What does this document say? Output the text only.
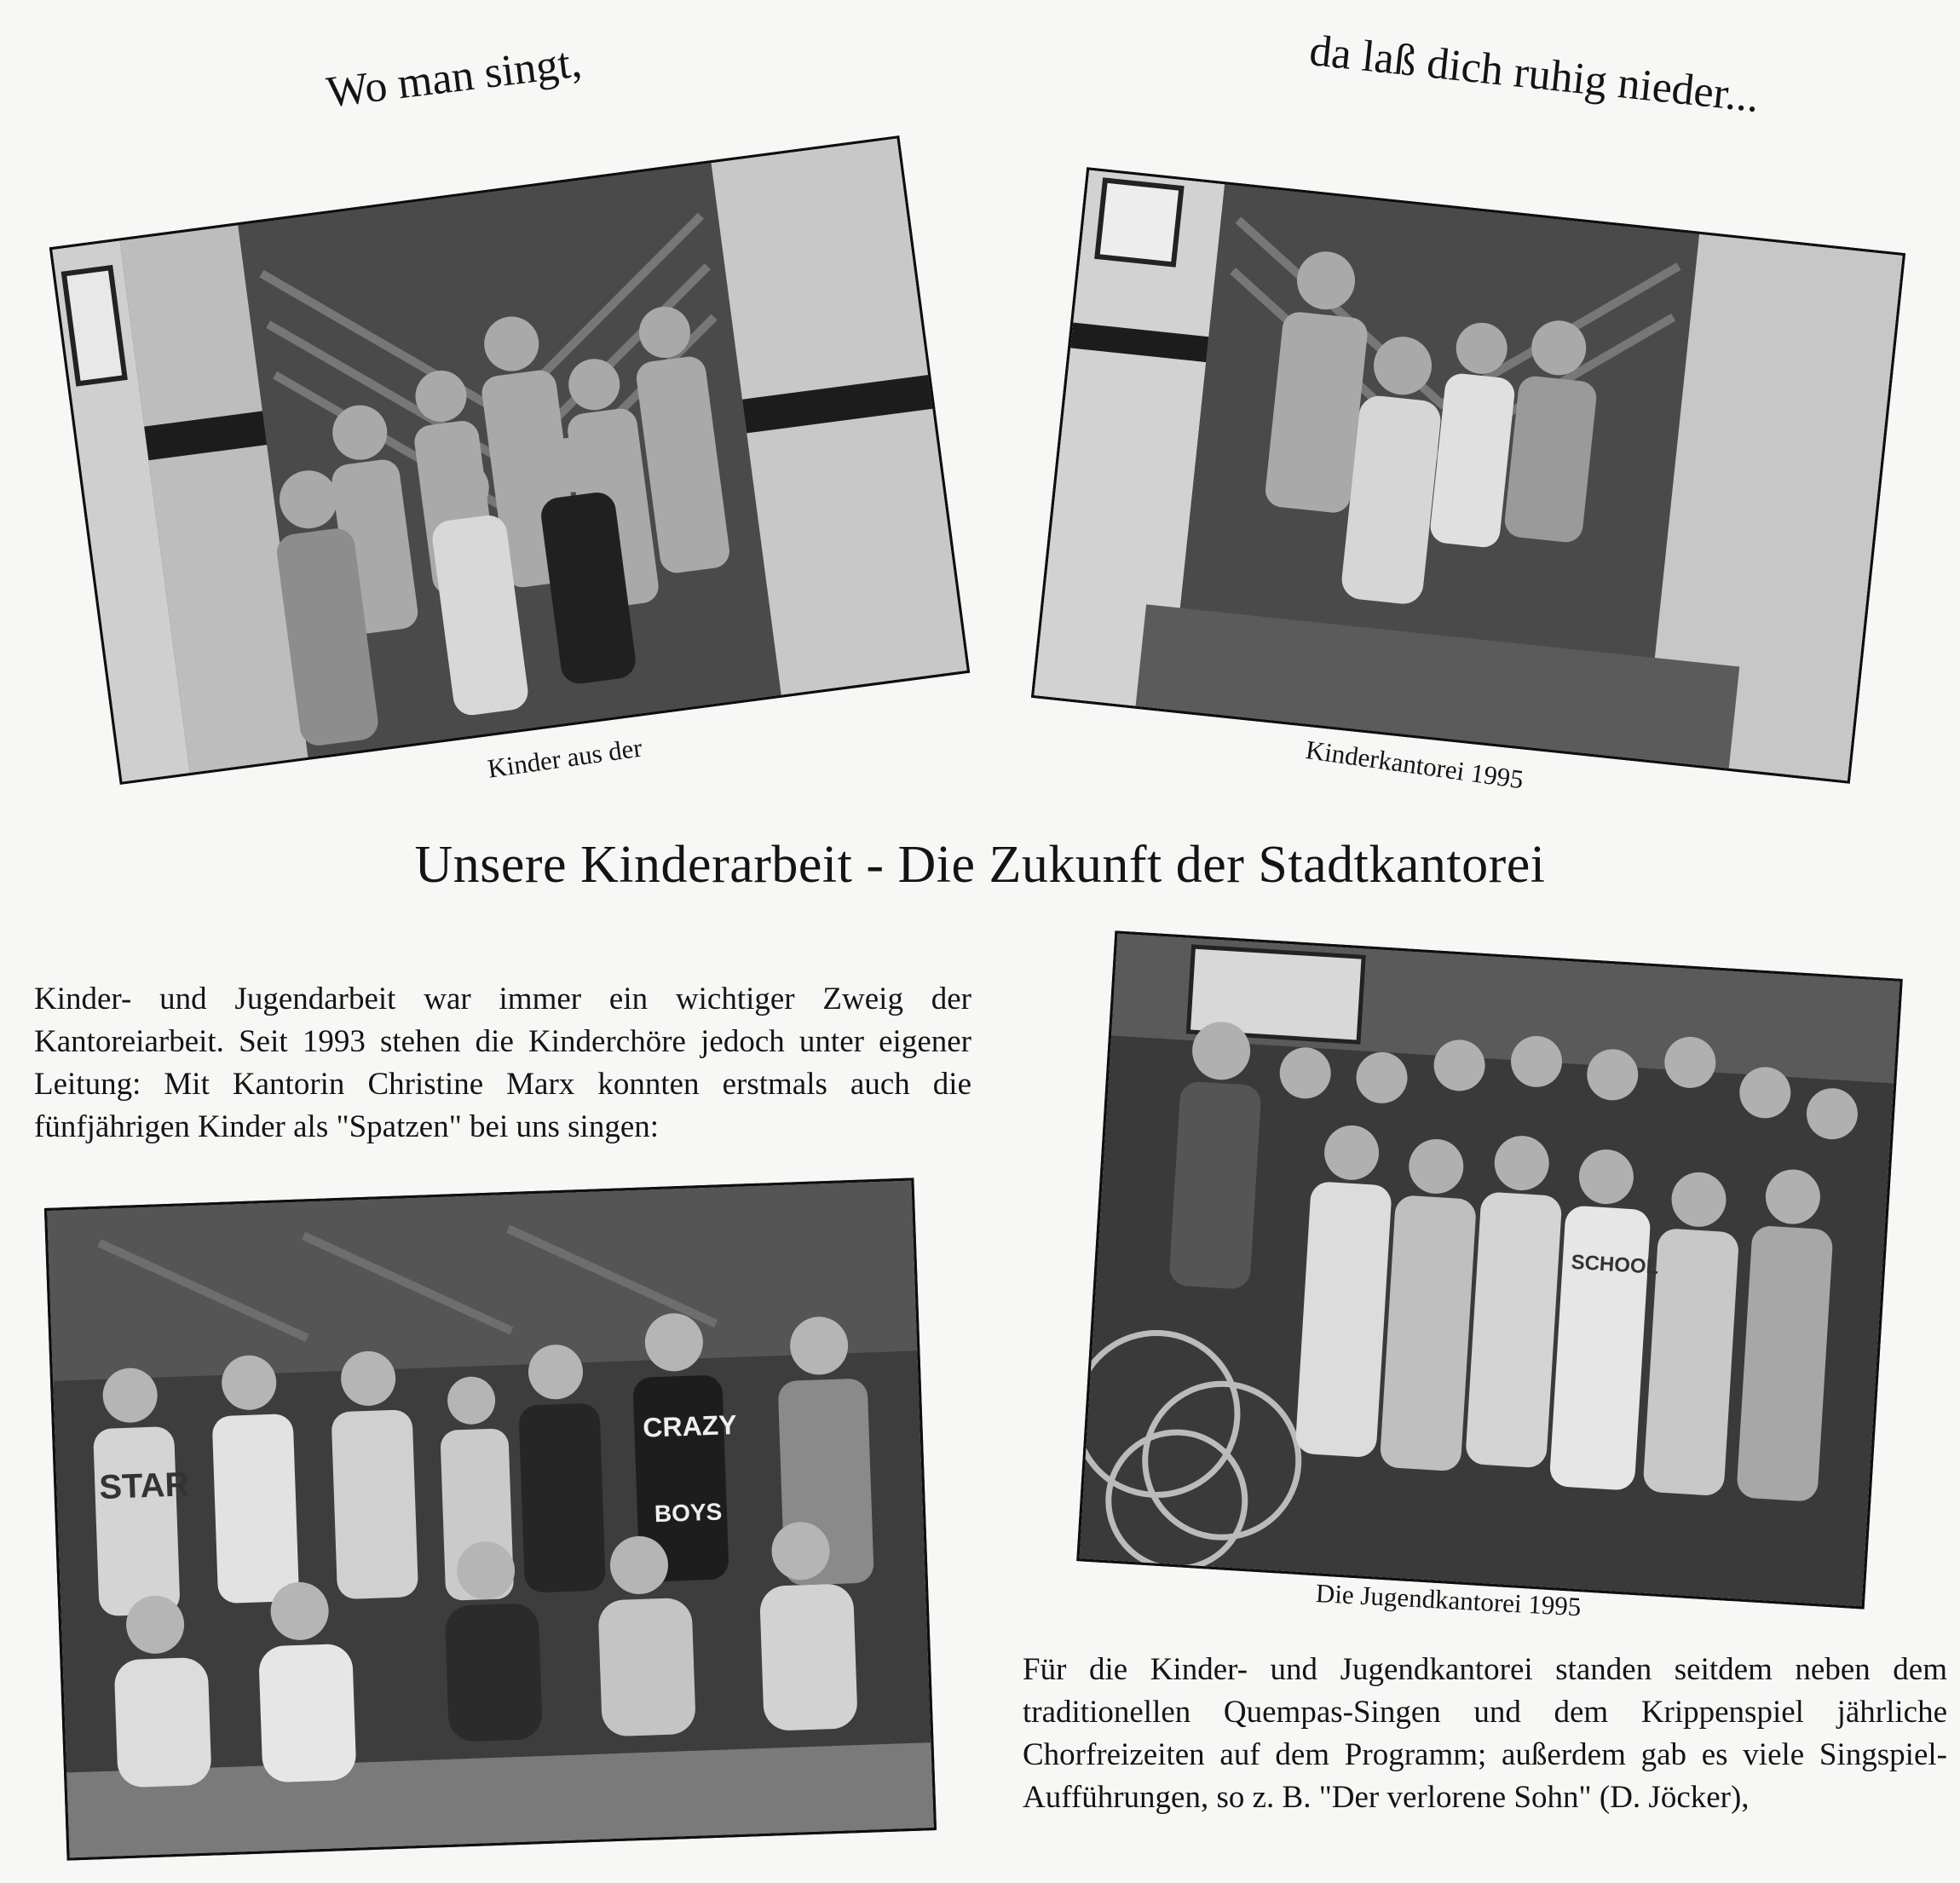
Wo man singt,	da laß dich ruhig nieder...
Kinder aus der	Kinderkantorei 1995
Unsere Kinderarbeit - Die Zukunft der Stadtkantorei
Kinder- und Jugendarbeit war immer ein wichtiger Zweig der Kantoreiarbeit. Seit 1993 stehen die Kinderchöre jedoch unter eigener Leitung: Mit Kantorin Christine Marx konnten erstmals auch die fünfjährigen Kinder als "Spatzen" bei uns singen:
STAR
CRAZY
BOYS
SCHOOL
Die Jugendkantorei 1995
Für die Kinder- und Jugendkantorei standen seitdem neben dem traditionellen Quempas-Singen und dem Krippenspiel jährliche Chorfreizeiten auf dem Programm; außerdem gab es viele Singspiel-Aufführungen, so z. B. "Der verlorene Sohn" (D. Jöcker),
